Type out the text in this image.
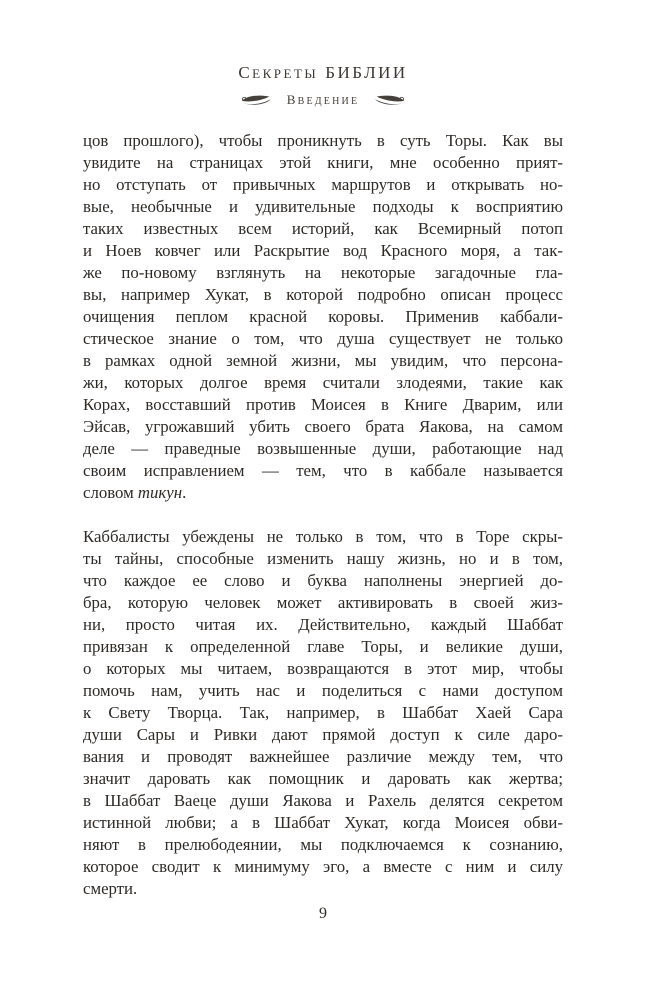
СЕКРЕТЫ БИБЛИИ
ВВЕДЕНИЕ
цов прошлого), чтобы проникнуть в суть Торы. Как вы
увидите на страницах этой книги, мне особенно прият-
но отступать от привычных маршрутов и открывать но-
вые, необычные и удивительные подходы к восприятию
таких известных всем историй, как Всемирный потоп
и Ноев ковчег или Раскрытие вод Красного моря, а так-
же по-новому взглянуть на некоторые загадочные гла-
вы, например Хукат, в которой подробно описан процесс
очищения пеплом красной коровы. Применив каббали-
стическое знание о том, что душа существует не только
в рамках одной земной жизни, мы увидим, что персона-
жи, которых долгое время считали злодеями, такие как
Корах, восставший против Моисея в Книге Дварим, или
Эйсав, угрожавший убить своего брата Яакова, на самом
деле — праведные возвышенные души, работающие над
своим исправлением — тем, что в каббале называется
словом тикун.
Каббалисты убеждены не только в том, что в Торе скры-
ты тайны, способные изменить нашу жизнь, но и в том,
что каждое ее слово и буква наполнены энергией до-
бра, которую человек может активировать в своей жиз-
ни, просто читая их. Действительно, каждый Шаббат
привязан к определенной главе Торы, и великие души,
о которых мы читаем, возвращаются в этот мир, чтобы
помочь нам, учить нас и поделиться с нами доступом
к Свету Творца. Так, например, в Шаббат Хаей Сара
души Сары и Ривки дают прямой доступ к силе даро-
вания и проводят важнейшее различие между тем, что
значит даровать как помощник и даровать как жертва;
в Шаббат Ваеце души Яакова и Рахель делятся секретом
истинной любви; а в Шаббат Хукат, когда Моисея обви-
няют в прелюбодеянии, мы подключаемся к сознанию,
которое сводит к минимуму эго, а вместе с ним и силу
смерти.
9
